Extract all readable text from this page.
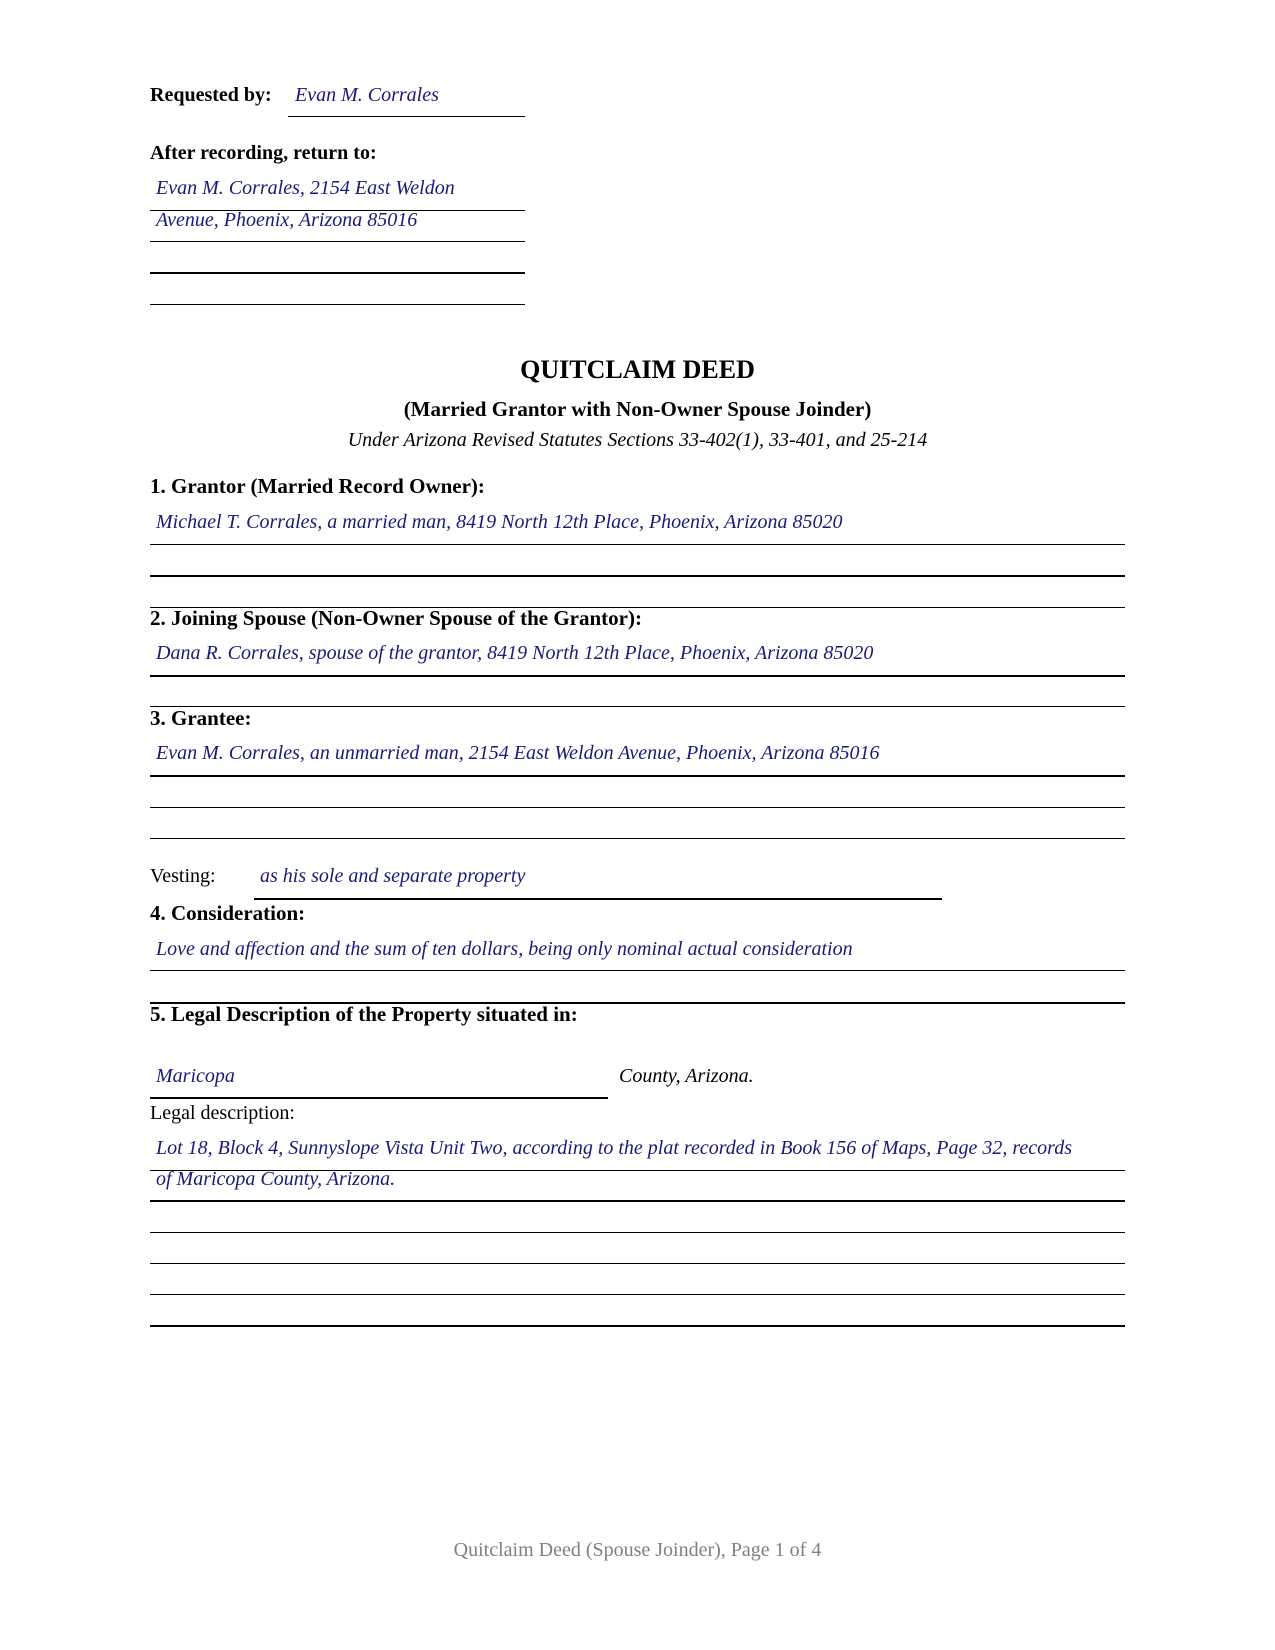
Requested by: Evan M. Corrales
After recording, return to:
Evan M. Corrales, 2154 East Weldon
Avenue, Phoenix, Arizona 85016
QUITCLAIM DEED
(Married Grantor with Non-Owner Spouse Joinder)
Under Arizona Revised Statutes Sections 33-402(1), 33-401, and 25-214
1. Grantor (Married Record Owner):
Michael T. Corrales, a married man, 8419 North 12th Place, Phoenix, Arizona 85020
2. Joining Spouse (Non-Owner Spouse of the Grantor):
Dana R. Corrales, spouse of the grantor, 8419 North 12th Place, Phoenix, Arizona 85020
3. Grantee:
Evan M. Corrales, an unmarried man, 2154 East Weldon Avenue, Phoenix, Arizona 85016
Vesting: as his sole and separate property
4. Consideration:
Love and affection and the sum of ten dollars, being only nominal actual consideration
5. Legal Description of the Property situated in:
Maricopa	County, Arizona.
Legal description:
Lot 18, Block 4, Sunnyslope Vista Unit Two, according to the plat recorded in Book 156 of Maps, Page 32, records
of Maricopa County, Arizona.
Quitclaim Deed (Spouse Joinder), Page 1 of 4
